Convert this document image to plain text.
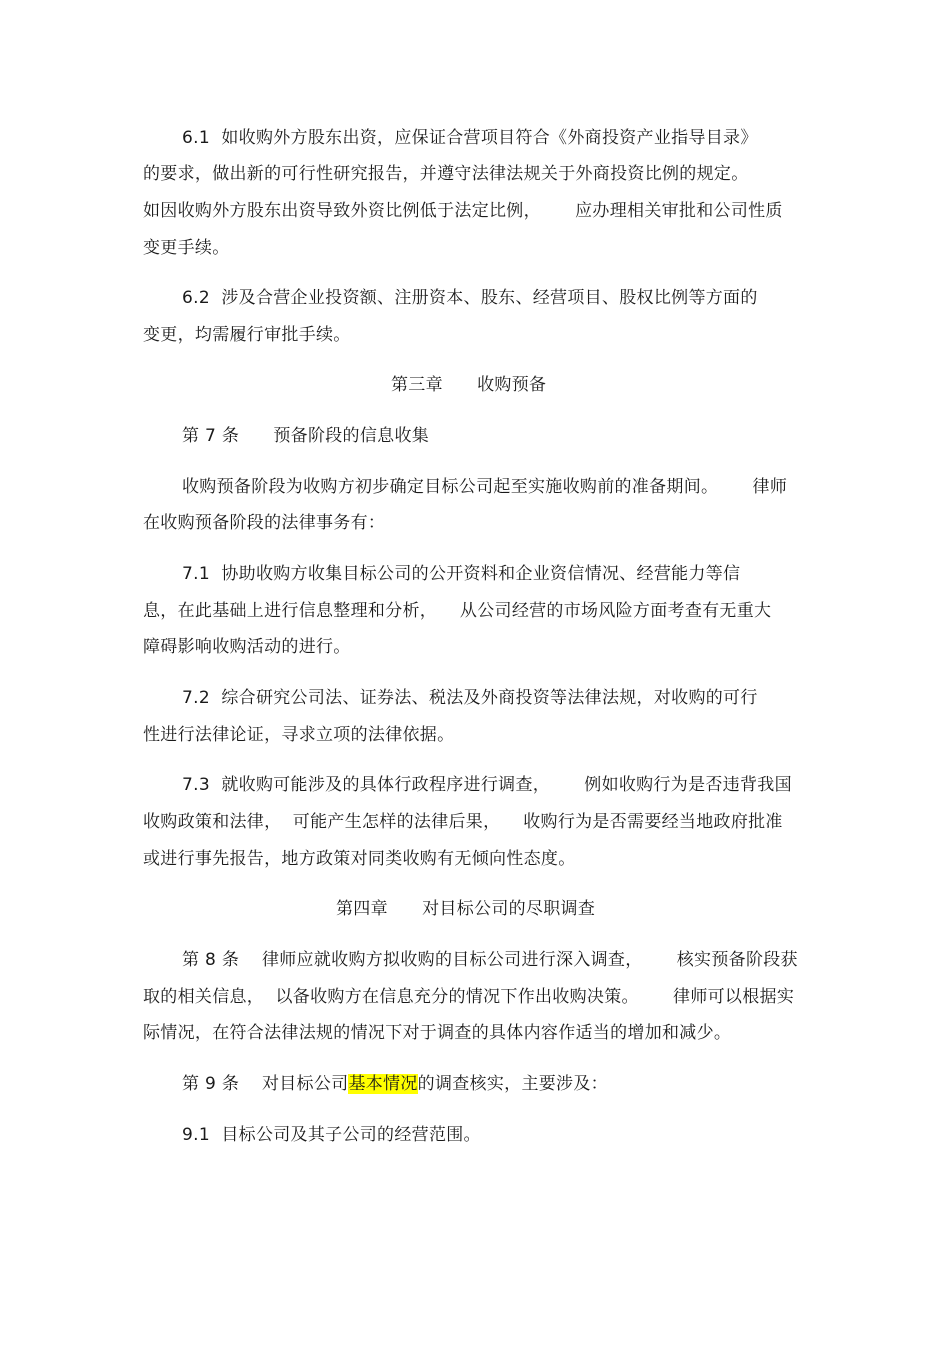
6.1  如收购外方股东出资，应保证合营项目符合《外商投资产业指导目录》
的要求，做出新的可行性研究报告，并遵守法律法规关于外商投资比例的规定。
如因收购外方股东出资导致外资比例低于法定比例，      应办理相关审批和公司性质
变更手续。
6.2  涉及合营企业投资额、注册资本、股东、经营项目、股权比例等方面的
变更，均需履行审批手续。
第三章      收购预备
第 7 条      预备阶段的信息收集
收购预备阶段为收购方初步确定目标公司起至实施收购前的准备期间。      律师
在收购预备阶段的法律事务有：
7.1  协助收购方收集目标公司的公开资料和企业资信情况、经营能力等信
息，在此基础上进行信息整理和分析，    从公司经营的市场风险方面考查有无重大
障碍影响收购活动的进行。
7.2  综合研究公司法、证券法、税法及外商投资等法律法规，对收购的可行
性进行法律论证，寻求立项的法律依据。
7.3  就收购可能涉及的具体行政程序进行调查，      例如收购行为是否违背我国
收购政策和法律，  可能产生怎样的法律后果，    收购行为是否需要经当地政府批准
或进行事先报告，地方政策对同类收购有无倾向性态度。
第四章      对目标公司的尽职调查
第 8 条    律师应就收购方拟收购的目标公司进行深入调查，      核实预备阶段获
取的相关信息，  以备收购方在信息充分的情况下作出收购决策。      律师可以根据实
际情况，在符合法律法规的情况下对于调查的具体内容作适当的增加和减少。
第 9 条    对目标公司基本情况的调查核实，主要涉及：
9.1  目标公司及其子公司的经营范围。
